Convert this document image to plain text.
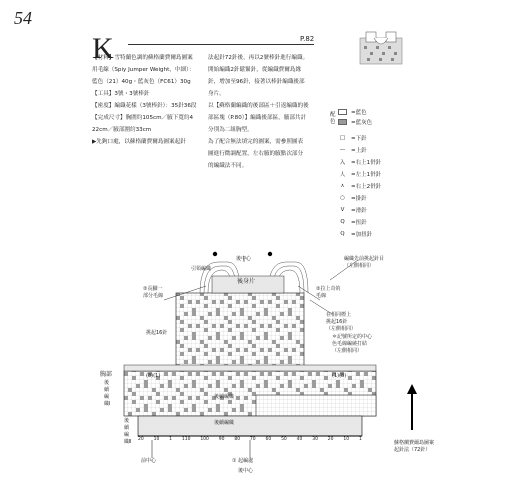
54
K	P.82

【材料】雪特蘭色調的蘇格蘭費爾島圖案

用毛線（Spiy Jumper Weight，中細）：

藍色（21）40g・藍灰色（FC61）30g

【工具】3號・3號棒針

【密度】編織花樣（3號棒針）：35針36段

【完成尺寸】胸圍約105cm／腋下寬約4

22cm／腋部圍約33cm

▶先鉤口處，以蘇格蘭費爾島圖案起針

法起針72針後，再以2號棒針進行編織。

開始編織2針鬆緊針，從編織費爾島緣

針，增加至96針，接著以棒針編織後部

身片。

以【蘇格蘭編織的後部區＋引返編織的後

部區塊（P.80）】編織後部區，腋部共計

分別為二組胸型。

為了配合無法填完的圖案，需參照圖表

圖進行微調配置，左右腋的腋點次部分

的編織法不同。

配色
=藍色
=藍灰色
□	=下針
—	=上針
入	=右上1併針
人	=左上1併針
⋏	=右上2併針
○	=掛針
V	=滑針
Q	=扭針
ℚ	=加扭針
後中心
引領編織
後身片
②長腳一
部分毛線
②拉上奇的
毛線
挑起16針
在相同標上
挑起16針
（左側相同）
＊記號所定的中心
色毛線編繞打結
（左側相同）
編織先前挑起針目
（左側相同）
胸部
後續編織Ⅰ
後續編織Ⅱ
後續編織
後續編織
(8)(1)	(1)(8)
蘇格蘭費爾島圖案
起針法（72針）
前中心	① 起編處
後中心
20 10 1 110 100 90 80 70 60 50 40 30 20 10 1
